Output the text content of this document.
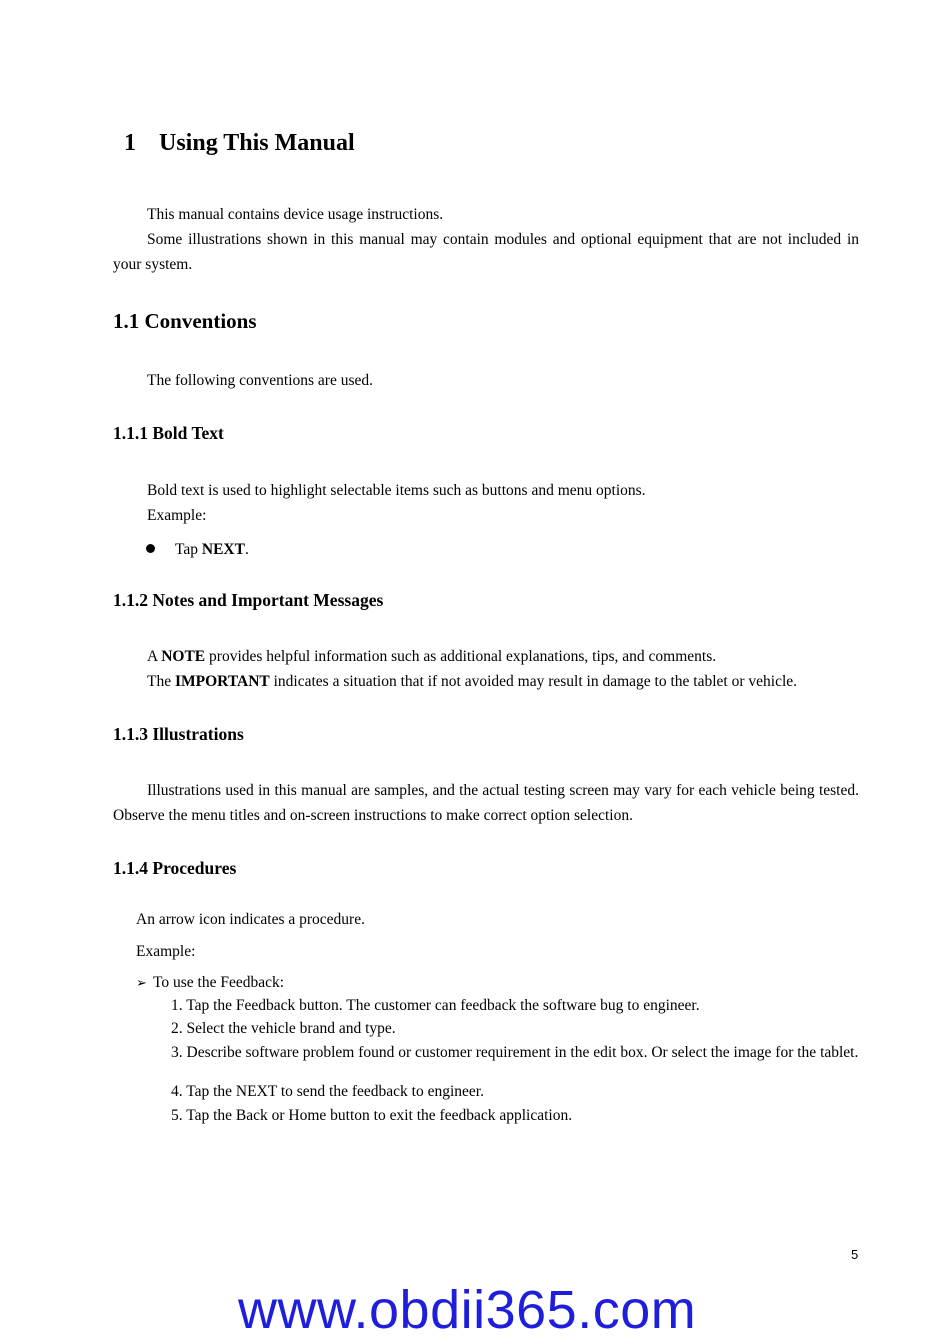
1 Using This Manual
This manual contains device usage instructions.
Some illustrations shown in this manual may contain modules and optional equipment that are not included in your system.
1.1 Conventions
The following conventions are used.
1.1.1 Bold Text
Bold text is used to highlight selectable items such as buttons and menu options.
Example:
Tap NEXT.
1.1.2 Notes and Important Messages
A NOTE provides helpful information such as additional explanations, tips, and comments.
The IMPORTANT indicates a situation that if not avoided may result in damage to the tablet or vehicle.
1.1.3 Illustrations
Illustrations used in this manual are samples, and the actual testing screen may vary for each vehicle being tested. Observe the menu titles and on-screen instructions to make correct option selection.
1.1.4 Procedures
An arrow icon indicates a procedure.
Example:
➢ To use the Feedback:
1. Tap the Feedback button. The customer can feedback the software bug to engineer.
2. Select the vehicle brand and type.
3. Describe software problem found or customer requirement in the edit box. Or select the image for the tablet.
4. Tap the NEXT to send the feedback to engineer.
5. Tap the Back or Home button to exit the feedback application.
5
www.obdii365.com
